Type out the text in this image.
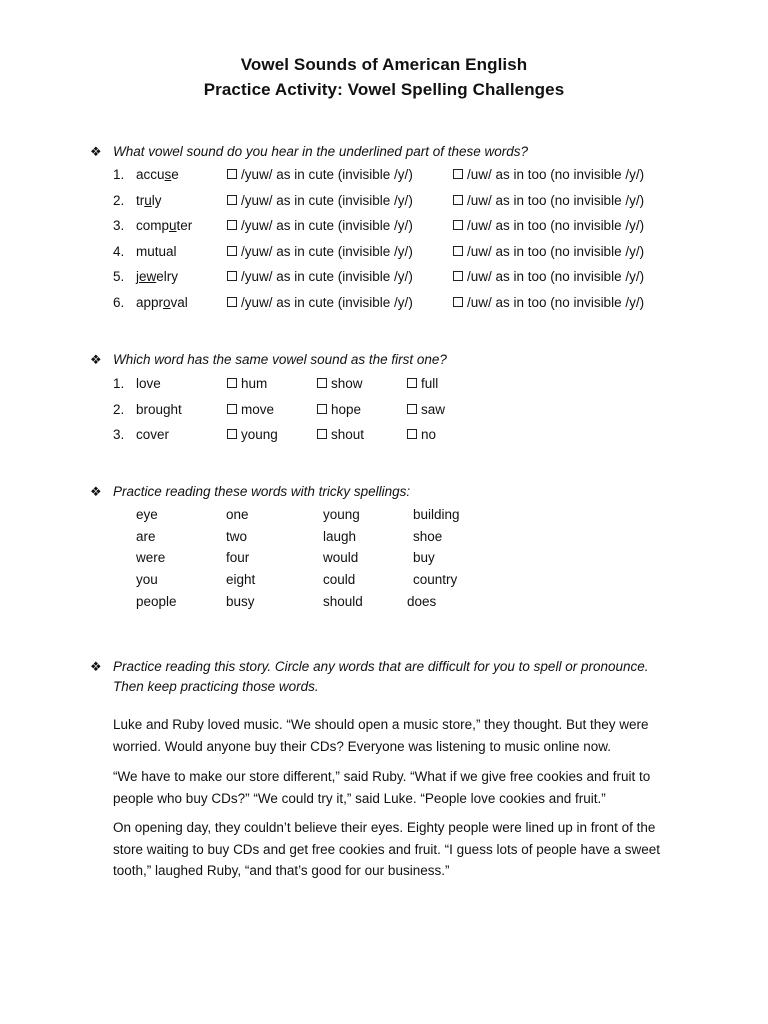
Vowel Sounds of American English
Practice Activity: Vowel Spelling Challenges
❖ What vowel sound do you hear in the underlined part of these words?
1. accuse	/yuw/ as in cute (invisible /y/)	/uw/ as in too (no invisible /y/)
2. truly	/yuw/ as in cute (invisible /y/)	/uw/ as in too (no invisible /y/)
3. computer	/yuw/ as in cute (invisible /y/)	/uw/ as in too (no invisible /y/)
4. mutual	/yuw/ as in cute (invisible /y/)	/uw/ as in too (no invisible /y/)
5. jewelry	/yuw/ as in cute (invisible /y/)	/uw/ as in too (no invisible /y/)
6. approval	/yuw/ as in cute (invisible /y/)	/uw/ as in too (no invisible /y/)
❖ Which word has the same vowel sound as the first one?
1. love	hum	show	full
2. brought	move	hope	saw
3. cover	young	shout	no
❖ Practice reading these words with tricky spellings:
eye	one	young	building
are	two	laugh	shoe
were	four	would	buy
you	eight	could	country
people	busy	should	does
❖ Practice reading this story. Circle any words that are difficult for you to spell or pronounce.
Then keep practicing those words.
Luke and Ruby loved music. “We should open a music store,” they thought. But they were worried. Would anyone buy their CDs? Everyone was listening to music online now.
“We have to make our store different,” said Ruby. “What if we give free cookies and fruit to people who buy CDs?” “We could try it,” said Luke. “People love cookies and fruit.”
On opening day, they couldn’t believe their eyes. Eighty people were lined up in front of the store waiting to buy CDs and get free cookies and fruit. “I guess lots of people have a sweet tooth,” laughed Ruby, “and that’s good for our business.”
